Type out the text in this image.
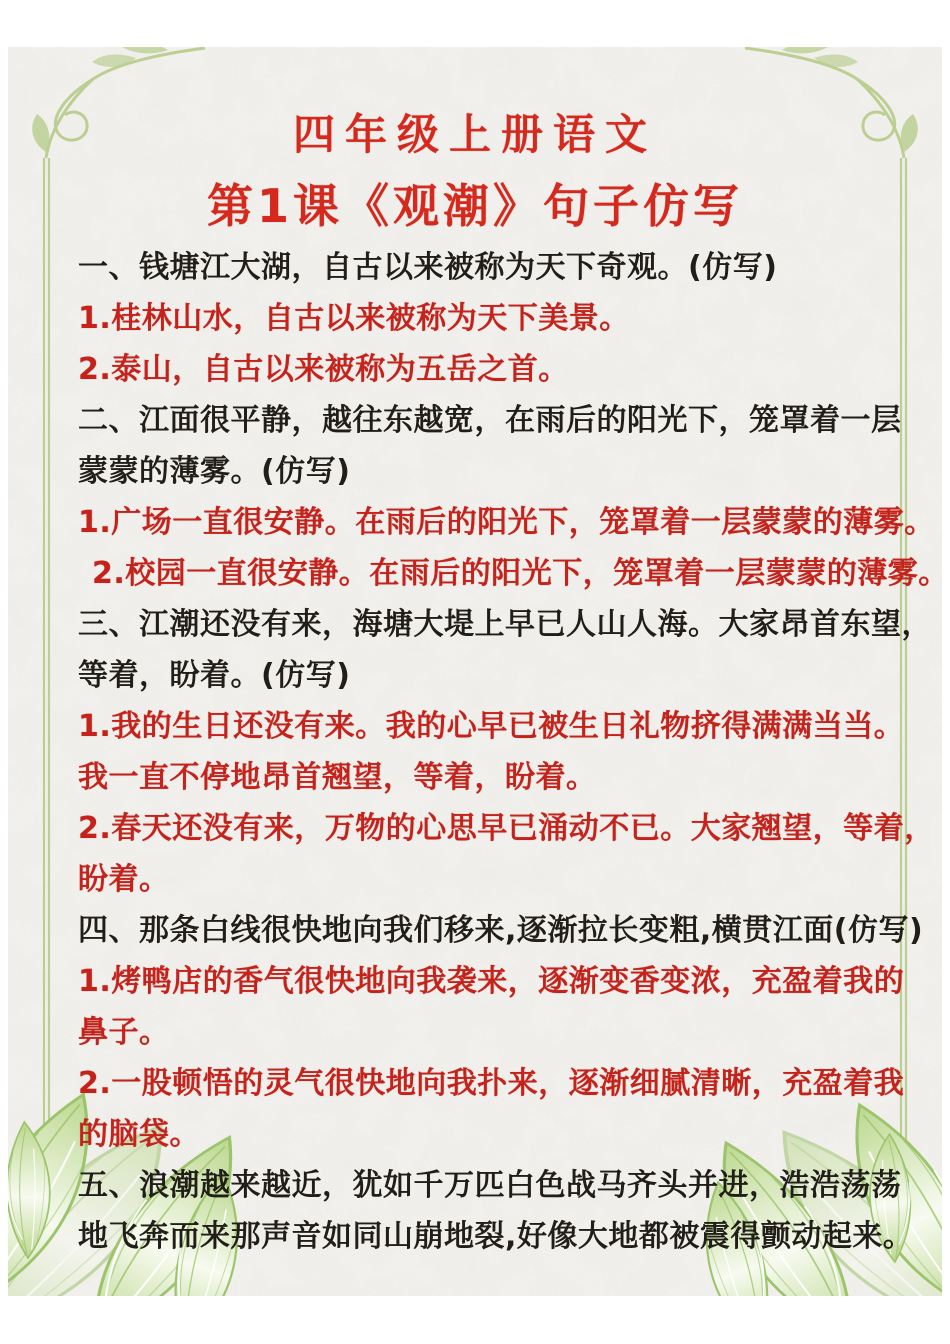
四年级上册语文
第1课《观潮》句子仿写
一、钱塘江大湖，自古以来被称为天下奇观。(仿写)
1.桂林山水，自古以来被称为天下美景。
2.泰山，自古以来被称为五岳之首。
二、江面很平静，越往东越宽，在雨后的阳光下，笼罩着一层
蒙蒙的薄雾。(仿写)
1.广场一直很安静。在雨后的阳光下，笼罩着一层蒙蒙的薄雾。
2.校园一直很安静。在雨后的阳光下，笼罩着一层蒙蒙的薄雾。
三、江潮还没有来，海塘大堤上早已人山人海。大家昂首东望，
等着，盼着。(仿写)
1.我的生日还没有来。我的心早已被生日礼物挤得满满当当。
我一直不停地昂首翘望，等着，盼着。
2.春天还没有来，万物的心思早已涌动不已。大家翘望，等着，
盼着。
四、那条白线很快地向我们移来,逐渐拉长变粗,横贯江面(仿写)
1.烤鸭店的香气很快地向我袭来，逐渐变香变浓，充盈着我的
鼻子。
2.一股顿悟的灵气很快地向我扑来，逐渐细腻清晰，充盈着我
的脑袋。
五、浪潮越来越近，犹如千万匹白色战马齐头并进，浩浩荡荡
地飞奔而来那声音如同山崩地裂,好像大地都被震得颤动起来。
